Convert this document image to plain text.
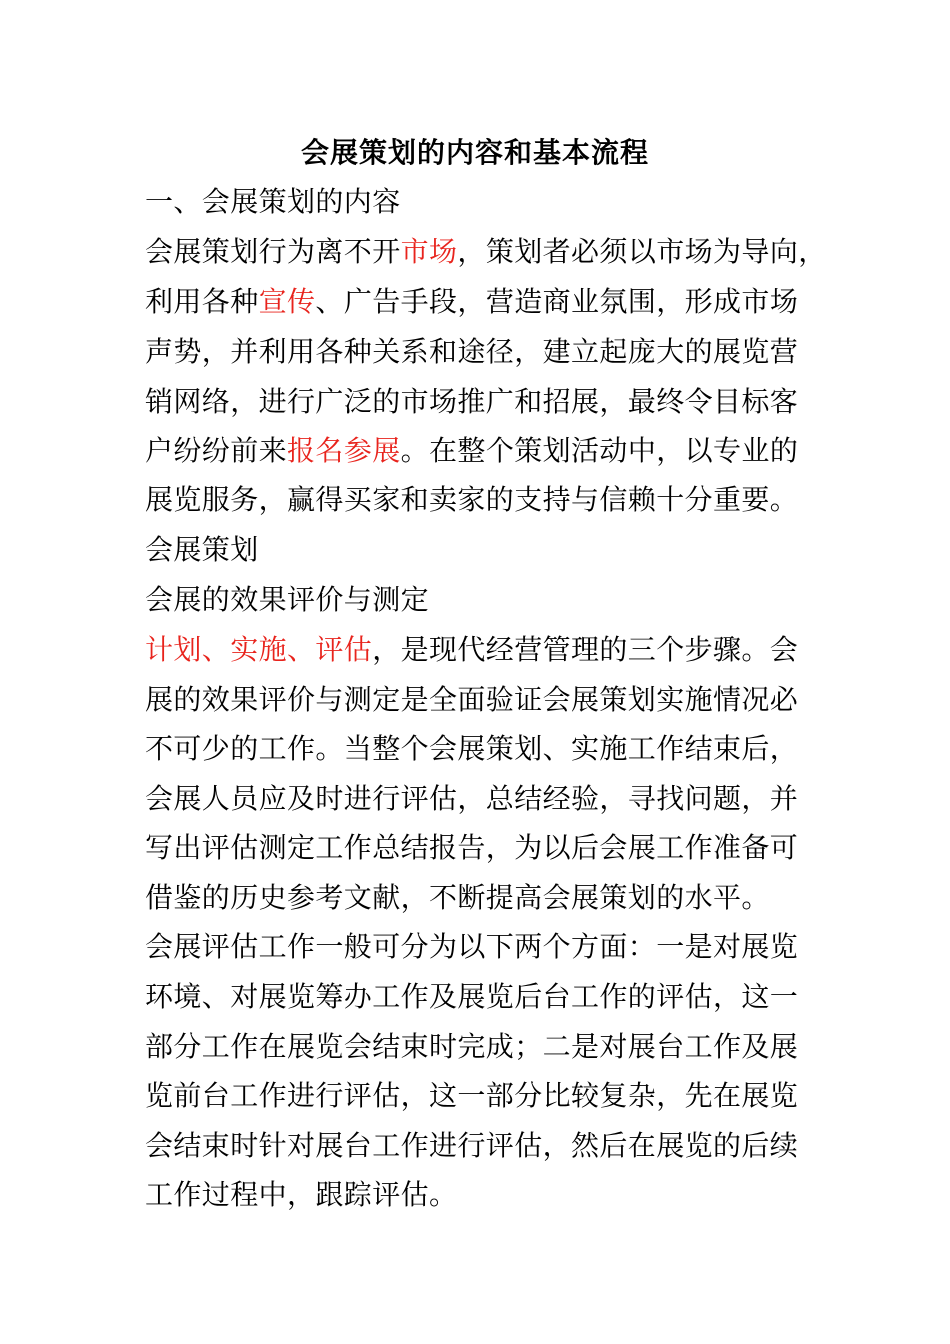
会展策划的内容和基本流程
一、会展策划的内容
会展策划行为离不开市场，策划者必须以市场为导向，
利用各种宣传、广告手段，营造商业氛围，形成市场
声势，并利用各种关系和途径，建立起庞大的展览营
销网络，进行广泛的市场推广和招展，最终令目标客
户纷纷前来报名参展。在整个策划活动中，以专业的
展览服务，赢得买家和卖家的支持与信赖十分重要。
会展策划
会展的效果评价与测定
计划、实施、评估，是现代经营管理的三个步骤。会
展的效果评价与测定是全面验证会展策划实施情况必
不可少的工作。当整个会展策划、实施工作结束后，
会展人员应及时进行评估，总结经验，寻找问题，并
写出评估测定工作总结报告，为以后会展工作准备可
借鉴的历史参考文献，不断提高会展策划的水平。
会展评估工作一般可分为以下两个方面：一是对展览
环境、对展览筹办工作及展览后台工作的评估，这一
部分工作在展览会结束时完成；二是对展台工作及展
览前台工作进行评估，这一部分比较复杂，先在展览
会结束时针对展台工作进行评估，然后在展览的后续
工作过程中，跟踪评估。
